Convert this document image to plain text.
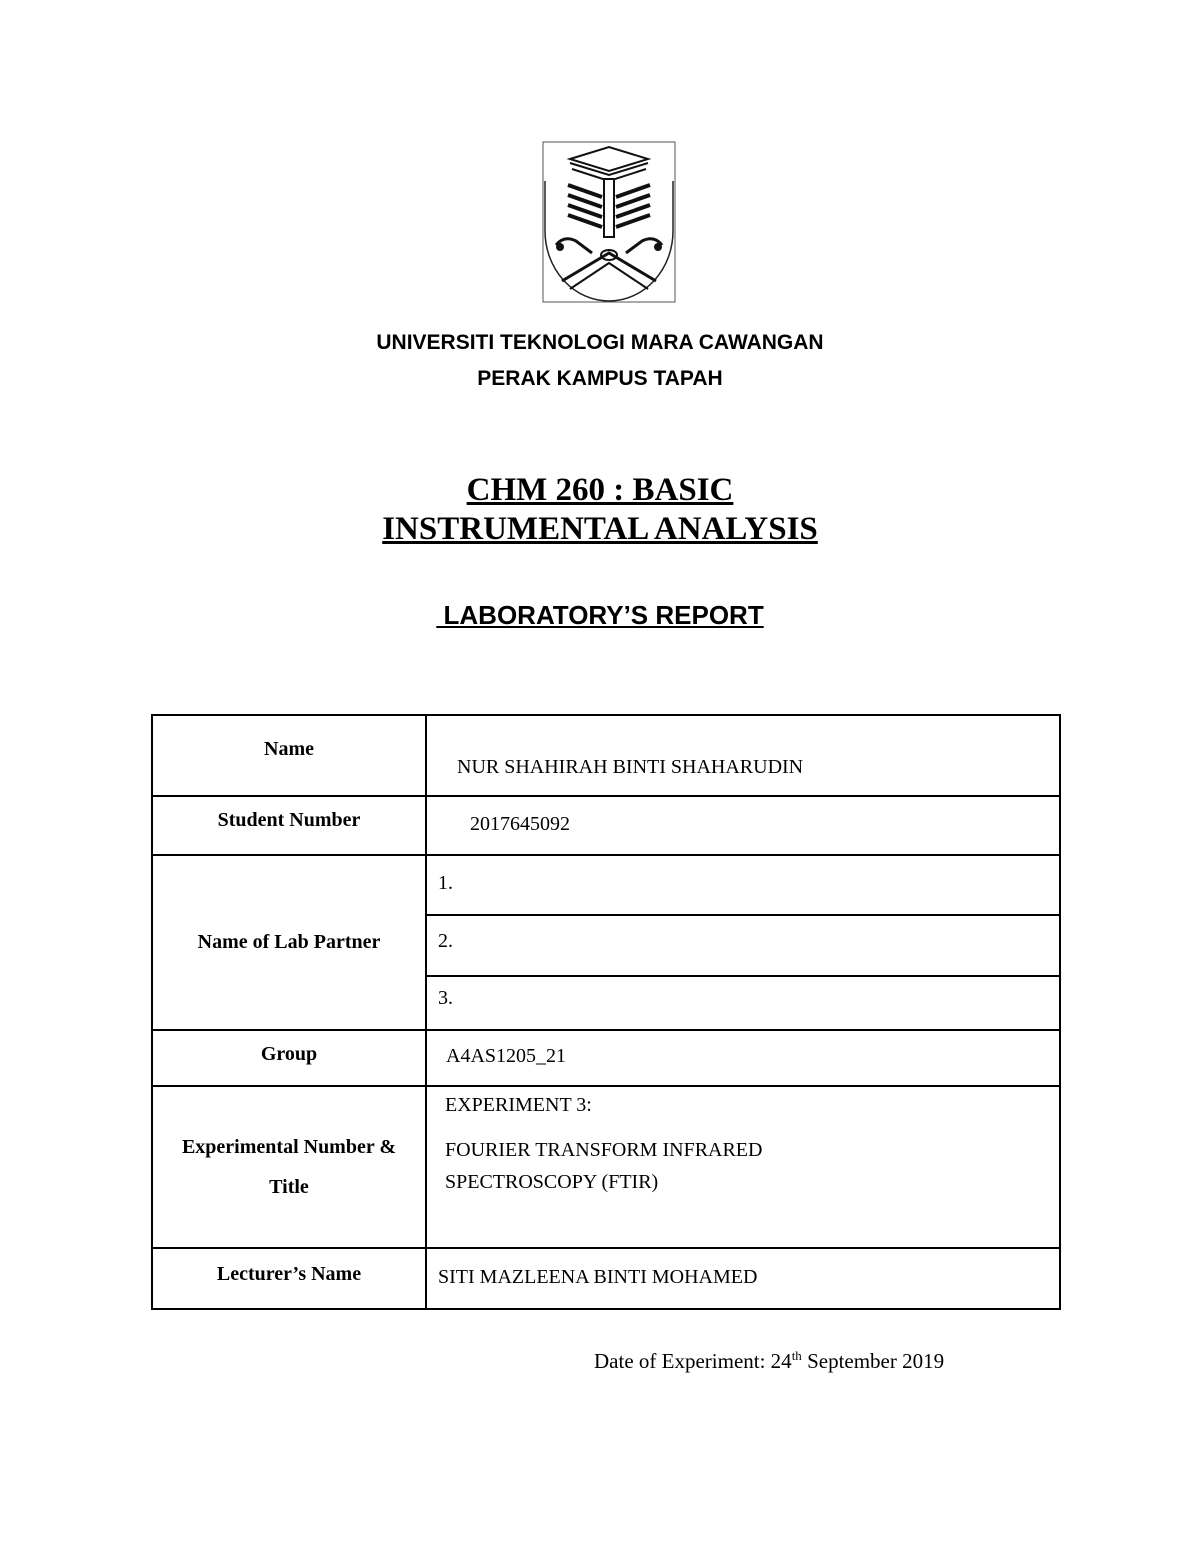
UNIVERSITI TEKNOLOGI MARA CAWANGAN
PERAK KAMPUS TAPAH
CHM 260 : BASIC
INSTRUMENTAL ANALYSIS
LABORATORY’S REPORT
Name	NUR SHAHIRAH BINTI SHAHARUDIN

Student Number	2017645092

Name of Lab Partner	1.

	2.

	3.

Group	A4AS1205_21

Experimental Number &
Title	EXPERIMENT 3:
FOURIER TRANSFORM INFRARED
SPECTROSCOPY (FTIR)

Lecturer’s Name	SITI MAZLEENA BINTI MOHAMED
Date of Experiment: 24th September 2019
